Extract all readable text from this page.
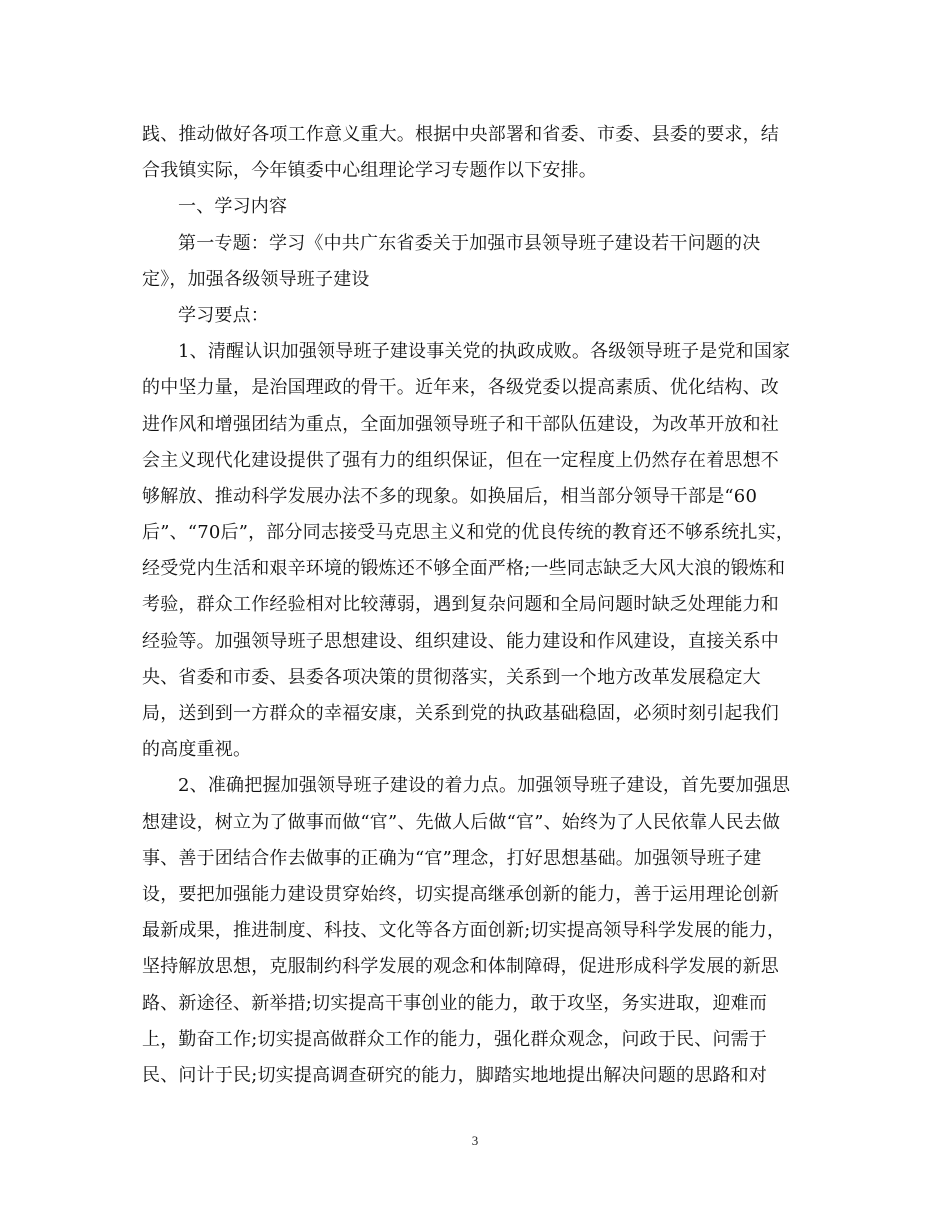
践、推动做好各项工作意义重大。根据中央部署和省委、市委、县委的要求，结
合我镇实际，今年镇委中心组理论学习专题作以下安排。
一、学习内容
第一专题：学习《中共广东省委关于加强市县领导班子建设若干问题的决
定》，加强各级领导班子建设
学习要点：
1、清醒认识加强领导班子建设事关党的执政成败。各级领导班子是党和国家
的中坚力量，是治国理政的骨干。近年来，各级党委以提高素质、优化结构、改
进作风和增强团结为重点，全面加强领导班子和干部队伍建设，为改革开放和社
会主义现代化建设提供了强有力的组织保证，但在一定程度上仍然存在着思想不
够解放、推动科学发展办法不多的现象。如换届后，相当部分领导干部是“60
后”、“70后”，部分同志接受马克思主义和党的优良传统的教育还不够系统扎实，
经受党内生活和艰辛环境的锻炼还不够全面严格;一些同志缺乏大风大浪的锻炼和
考验，群众工作经验相对比较薄弱，遇到复杂问题和全局问题时缺乏处理能力和
经验等。加强领导班子思想建设、组织建设、能力建设和作风建设，直接关系中
央、省委和市委、县委各项决策的贯彻落实，关系到一个地方改革发展稳定大
局，送到到一方群众的幸福安康，关系到党的执政基础稳固，必须时刻引起我们
的高度重视。
2、准确把握加强领导班子建设的着力点。加强领导班子建设，首先要加强思
想建设，树立为了做事而做“官”、先做人后做“官”、始终为了人民依靠人民去做
事、善于团结合作去做事的正确为“官”理念，打好思想基础。加强领导班子建
设，要把加强能力建设贯穿始终，切实提高继承创新的能力，善于运用理论创新
最新成果，推进制度、科技、文化等各方面创新;切实提高领导科学发展的能力，
坚持解放思想，克服制约科学发展的观念和体制障碍，促进形成科学发展的新思
路、新途径、新举措;切实提高干事创业的能力，敢于攻坚，务实进取，迎难而
上，勤奋工作;切实提高做群众工作的能力，强化群众观念，问政于民、问需于
民、问计于民;切实提高调查研究的能力，脚踏实地地提出解决问题的思路和对
3
